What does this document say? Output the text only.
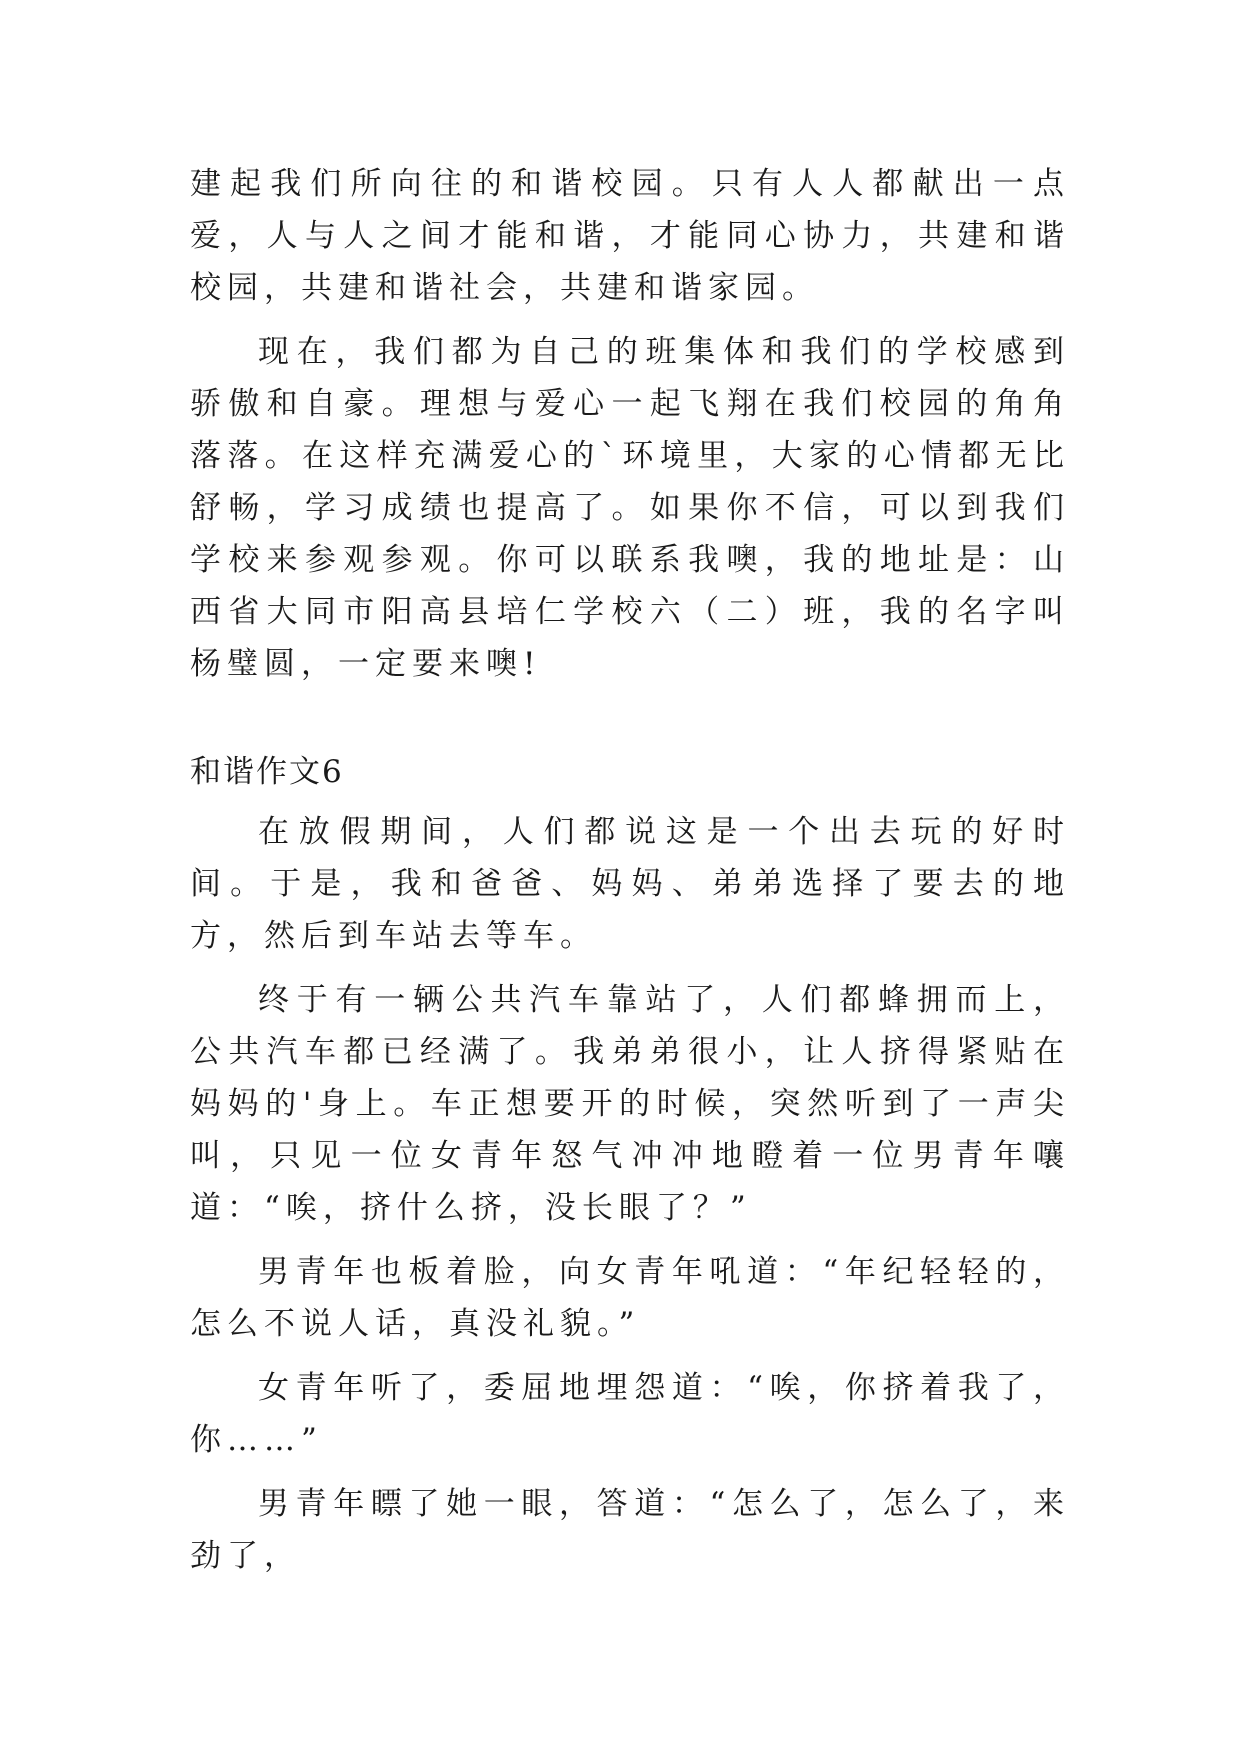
建起我们所向往的和谐校园。只有人人都献出一点爱，人与人之间才能和谐，才能同心协力，共建和谐校园，共建和谐社会，共建和谐家园。

现在，我们都为自己的班集体和我们的学校感到骄傲和自豪。理想与爱心一起飞翔在我们校园的角角落落。在这样充满爱心的`环境里，大家的心情都无比舒畅，学习成绩也提高了。如果你不信，可以到我们学校来参观参观。你可以联系我噢，我的地址是：山西省大同市阳高县培仁学校六（二）班，我的名字叫杨璧圆，一定要来噢!

和谐作文6

在放假期间，人们都说这是一个出去玩的好时间。于是，我和爸爸、妈妈、弟弟选择了要去的地方，然后到车站去等车。

终于有一辆公共汽车靠站了，人们都蜂拥而上，公共汽车都已经满了。我弟弟很小，让人挤得紧贴在妈妈的'身上。车正想要开的时候，突然听到了一声尖叫，只见一位女青年怒气冲冲地瞪着一位男青年嚷道：“唉，挤什么挤，没长眼了？”

男青年也板着脸，向女青年吼道：“年纪轻轻的，怎么不说人话，真没礼貌。”

女青年听了，委屈地埋怨道：“唉，你挤着我了，你……”

男青年瞟了她一眼，答道：“怎么了，怎么了，来劲了，
